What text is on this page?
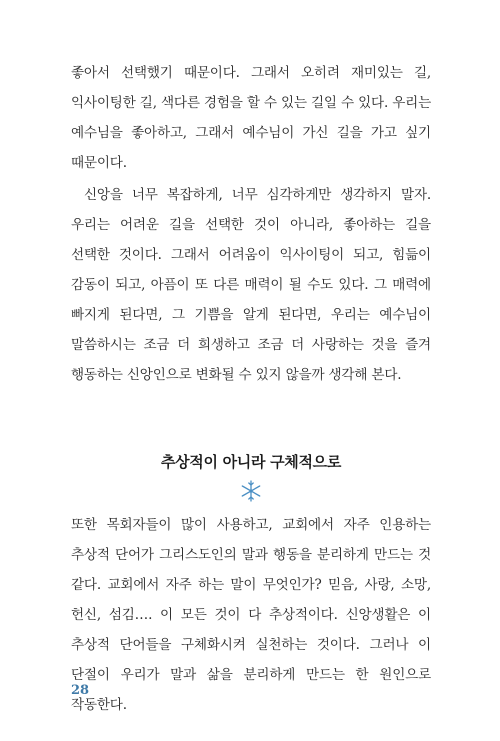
좋아서 선택했기 때문이다. 그래서 오히려 재미있는 길, 익사이팅한 길, 색다른 경험을 할 수 있는 길일 수 있다. 우리는 예수님을 좋아하고, 그래서 예수님이 가신 길을 가고 싶기 때문이다.

신앙을 너무 복잡하게, 너무 심각하게만 생각하지 말자. 우리는 어려운 길을 선택한 것이 아니라, 좋아하는 길을 선택한 것이다. 그래서 어려움이 익사이팅이 되고, 힘듦이 감동이 되고, 아픔이 또 다른 매력이 될 수도 있다. 그 매력에 빠지게 된다면, 그 기쁨을 알게 된다면, 우리는 예수님이 말씀하시는 조금 더 희생하고 조금 더 사랑하는 것을 즐겨 행동하는 신앙인으로 변화될 수 있지 않을까 생각해 본다.

추상적이 아니라 구체적으로

또한 목회자들이 많이 사용하고, 교회에서 자주 인용하는 추상적 단어가 그리스도인의 말과 행동을 분리하게 만드는 것 같다. 교회에서 자주 하는 말이 무엇인가? 믿음, 사랑, 소망, 헌신, 섬김…. 이 모든 것이 다 추상적이다. 신앙생활은 이 추상적 단어들을 구체화시켜 실천하는 것이다. 그러나 이 단절이 우리가 말과 삶을 분리하게 만드는 한 원인으로 작동한다.

28
